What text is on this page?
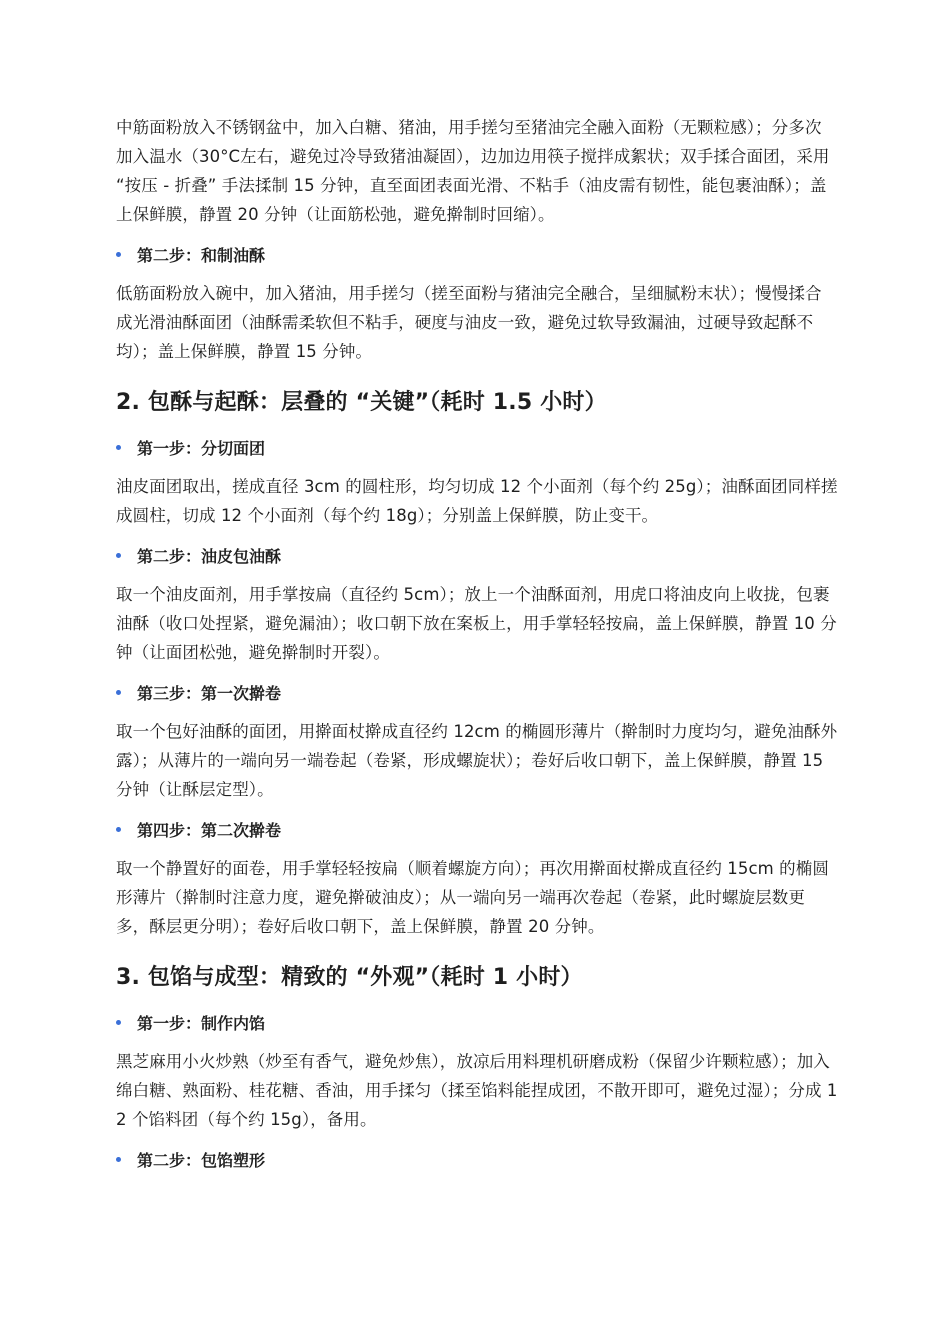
中筋面粉放入不锈钢盆中，加入白糖、猪油，用手搓匀至猪油完全融入面粉（无颗粒感）；分多次加入温水（30°C左右，避免过冷导致猪油凝固），边加边用筷子搅拌成絮状；双手揉合面团，采用 “按压 - 折叠” 手法揉制 15 分钟，直至面团表面光滑、不粘手（油皮需有韧性，能包裹油酥）；盖上保鲜膜，静置 20 分钟（让面筋松弛，避免擀制时回缩）。

第二步：和制油酥

低筋面粉放入碗中，加入猪油，用手搓匀（搓至面粉与猪油完全融合，呈细腻粉末状）；慢慢揉合成光滑油酥面团（油酥需柔软但不粘手，硬度与油皮一致，避免过软导致漏油，过硬导致起酥不均）；盖上保鲜膜，静置 15 分钟。

2. 包酥与起酥：层叠的 “关键”（耗时 1.5 小时）
第一步：分切面团

油皮面团取出，搓成直径 3cm 的圆柱形，均匀切成 12 个小面剂（每个约 25g）；油酥面团同样搓成圆柱，切成 12 个小面剂（每个约 18g）；分别盖上保鲜膜，防止变干。

第二步：油皮包油酥

取一个油皮面剂，用手掌按扁（直径约 5cm）；放上一个油酥面剂，用虎口将油皮向上收拢，包裹油酥（收口处捏紧，避免漏油）；收口朝下放在案板上，用手掌轻轻按扁，盖上保鲜膜，静置 10 分钟（让面团松弛，避免擀制时开裂）。

第三步：第一次擀卷

取一个包好油酥的面团，用擀面杖擀成直径约 12cm 的椭圆形薄片（擀制时力度均匀，避免油酥外露）；从薄片的一端向另一端卷起（卷紧，形成螺旋状）；卷好后收口朝下，盖上保鲜膜，静置 15 分钟（让酥层定型）。

第四步：第二次擀卷

取一个静置好的面卷，用手掌轻轻按扁（顺着螺旋方向）；再次用擀面杖擀成直径约 15cm 的椭圆形薄片（擀制时注意力度，避免擀破油皮）；从一端向另一端再次卷起（卷紧，此时螺旋层数更多，酥层更分明）；卷好后收口朝下，盖上保鲜膜，静置 20 分钟。

3. 包馅与成型：精致的 “外观”（耗时 1 小时）
第一步：制作内馅

黑芝麻用小火炒熟（炒至有香气，避免炒焦），放凉后用料理机研磨成粉（保留少许颗粒感）；加入绵白糖、熟面粉、桂花糖、香油，用手揉匀（揉至馅料能捏成团，不散开即可，避免过湿）；分成 12 个馅料团（每个约 15g），备用。

第二步：包馅塑形
